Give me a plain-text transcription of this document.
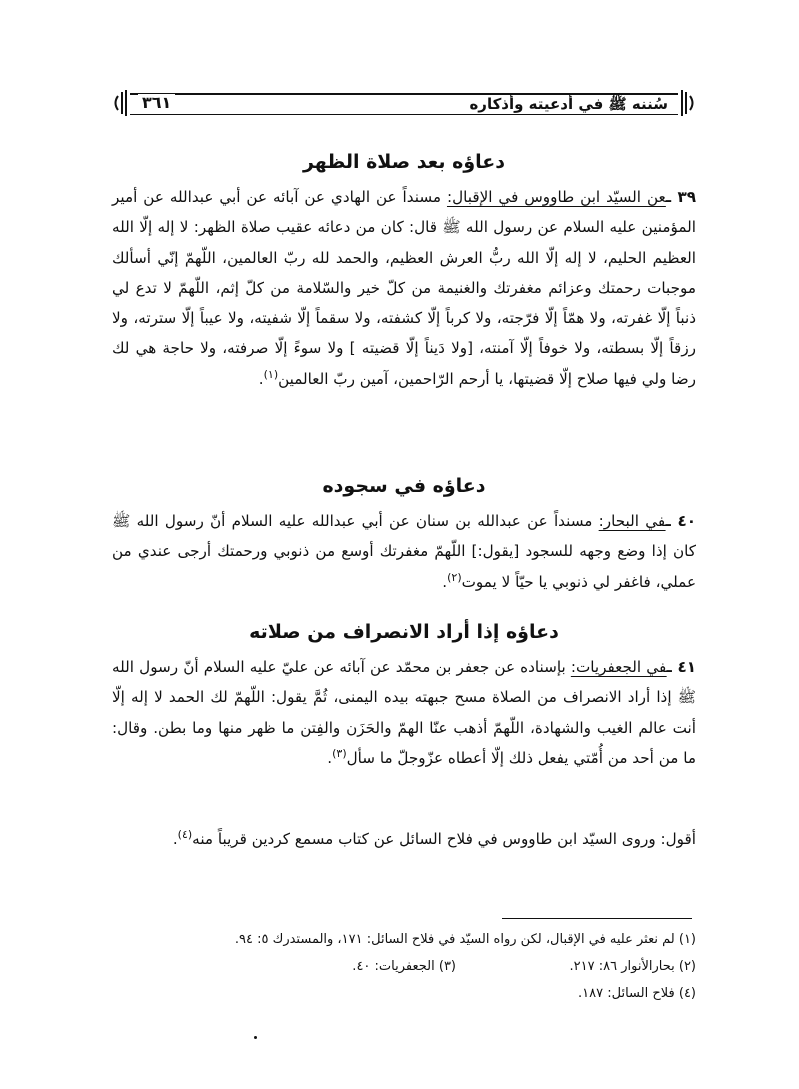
سُننه ﷺ في أدعيته وأذكاره
٣٦١
دعاؤه بعد صلاة الظهر

٣٩ ـعن السيّد ابن طاووس في الإقبال: مسنداً عن الهادي عن آبائه عن أبي عبدالله عن أمير المؤمنين عليه السلام عن رسول الله ﷺ قال: كان من دعائه عقيب صلاة الظهر: لا إله إلّا الله العظيم الحليم، لا إله إلّا الله ربُّ العرش العظيم، والحمد لله ربّ العالمين، اللّهمّ إنّي أسألك موجبات رحمتك وعزائم مغفرتك والغنيمة من كلّ خير والسّلامة من كلّ إثم، اللّهمّ لا تدع لي ذنباً إلّا غفرته، ولا همّاً إلّا فرّجته، ولا كرباً إلّا كشفته، ولا سقماً إلّا شفيته، ولا عيباً إلّا سترته، ولا رزقاً إلّا بسطته، ولا خوفاً إلّا آمنته، [ولا دَيناً إلّا قضيته ] ولا سوءً إلّا صرفته، ولا حاجة هي لك رضا ولي فيها صلاح إلّا قضيتها، يا أرحم الرّاحمين، آمين ربّ العالمين$^{(١)}$.

دعاؤه في سجوده

٤٠ ـفي البحار: مسنداً عن عبدالله بن سنان عن أبي عبدالله عليه السلام أنّ رسول الله ﷺ كان إذا وضع وجهه للسجود [يقول:] اللّهمّ مغفرتك أوسع من ذنوبي ورحمتك أرجى عندي من عملي، فاغفر لي ذنوبي يا حيّاً لا يموت$^{(٢)}$.

دعاؤه إذا أراد الانصراف من صلاته

٤١ ـفي الجعفريات: بإسناده عن جعفر بن محمّد عن آبائه عن عليّ عليه السلام أنّ رسول الله ﷺ إذا أراد الانصراف من الصلاة مسح جبهته بيده اليمنى، ثُمَّ يقول: اللّهمّ لك الحمد لا إله إلّا أنت عالم الغيب والشهادة، اللّهمّ أذهب عنّا الهمّ والحَزَن والفِتن ما ظهر منها وما بطن. وقال: ما من أحد من أُمّتي يفعل ذلك إلّا أعطاه عزّوجلّ ما سأل$^{(٣)}$.

أقول: وروى السيّد ابن طاووس في فلاح السائل عن كتاب مسمع كردين قريباً منه$^{(٤)}$.

(١) لم نعثر عليه في الإقبال، لكن رواه السيّد في فلاح السائل: ١٧١، والمستدرك ٥: ٩٤.
(٢) بحارالأنوار ٨٦: ٢١٧.
(٣) الجعفريات: ٤٠.
(٤) فلاح السائل: ١٨٧.
